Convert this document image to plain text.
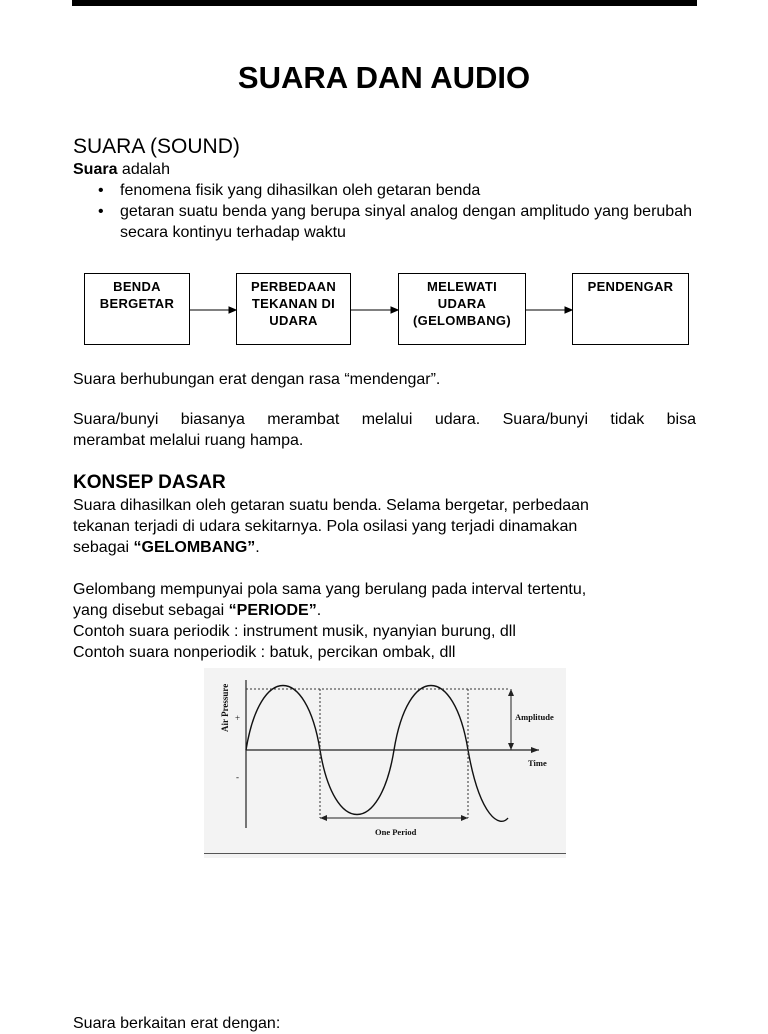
SUARA DAN AUDIO
SUARA (SOUND)

Suara adalah

• fenomena fisik yang dihasilkan oleh getaran benda
• getaran suatu benda yang berupa sinyal analog dengan amplitudo yang berubah secara kontinyu terhadap waktu
BENDA
BERGETAR
PERBEDAAN
TEKANAN DI
UDARA
MELEWATI
UDARA
(GELOMBANG)
PENDENGAR

Suara berhubungan erat dengan rasa “mendengar”.

Suara/bunyi biasanya merambat melalui udara. Suara/bunyi tidak bisa

merambat melalui ruang hampa.

KONSEP DASAR

Suara dihasilkan oleh getaran suatu benda. Selama bergetar, perbedaan

tekanan terjadi di udara sekitarnya. Pola osilasi yang terjadi dinamakan

sebagai “GELOMBANG”.

Gelombang mempunyai pola sama yang berulang pada interval tertentu,

yang disebut sebagai “PERIODE”.

Contoh suara periodik : instrument musik, nyanyian burung, dll

Contoh suara nonperiodik : batuk, percikan ombak, dll

Air Pressure +
-
Amplitude
Time
One Period

Suara berkaitan erat dengan:
